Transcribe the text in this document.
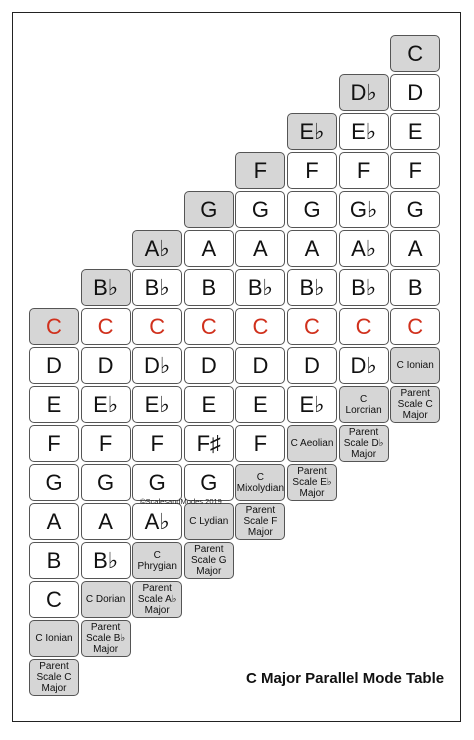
Parent Scale C Major
C Ionian
C
D
E
F
G
A
B
C
Parent Scale B♭ Major
C Dorian
B♭
C
D
E♭
F
G
A
B♭
Parent Scale A♭ Major
C Phrygian
A♭
B♭
C
D♭
E♭
F
G
A♭
Parent Scale G Major
C Lydian
G
A
B
C
D
E
F♯
G
Parent Scale F Major
C Mixolydian
F
G
A
B♭
C
D
E
F
Parent Scale E♭ Major
C Aeolian
E♭
F
G
A
B♭
C
D
E♭
Parent Scale D♭ Major
C Lorcrian
D♭
E♭
F
G♭
A♭
B♭
C
D♭
Parent Scale C Major
C Ionian
C
D
E
F
G
A
B
C
©ScalesandModes 2019
C Major Parallel Mode Table
